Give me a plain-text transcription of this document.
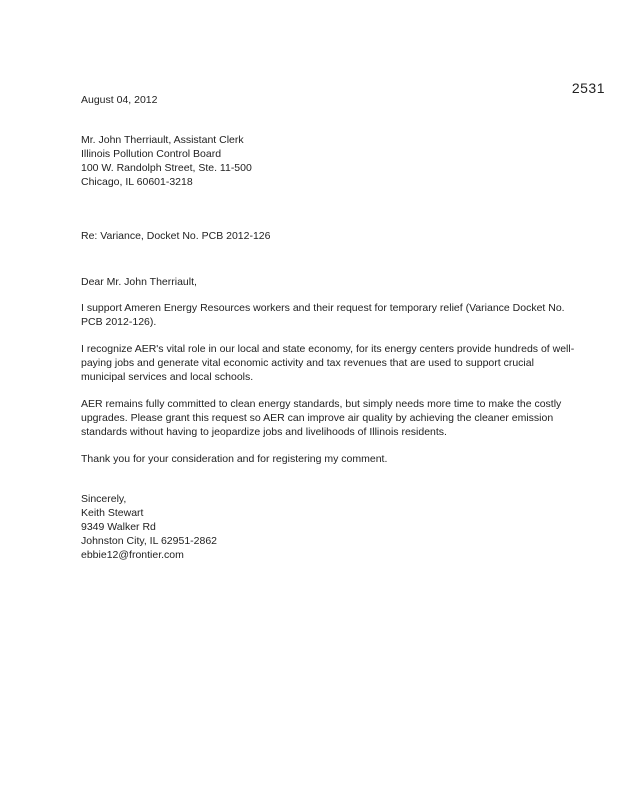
2531
August 04, 2012
Mr. John Therriault, Assistant Clerk
Illinois Pollution Control Board
100 W. Randolph Street, Ste. 11-500
Chicago, IL 60601-3218
Re: Variance, Docket No. PCB 2012-126
Dear Mr. John Therriault,
I support Ameren Energy Resources workers and their request for temporary relief (Variance Docket No. PCB 2012-126).
I recognize AER's vital role in our local and state economy, for its energy centers provide hundreds of well-paying jobs and generate vital economic activity and tax revenues that are used to support crucial municipal services and local schools.
AER remains fully committed to clean energy standards, but simply needs more time to make the costly upgrades. Please grant this request so AER can improve air quality by achieving the cleaner emission standards without having to jeopardize jobs and livelihoods of Illinois residents.
Thank you for your consideration and for registering my comment.
Sincerely,
Keith Stewart
9349 Walker Rd
Johnston City, IL 62951-2862
ebbie12@frontier.com
